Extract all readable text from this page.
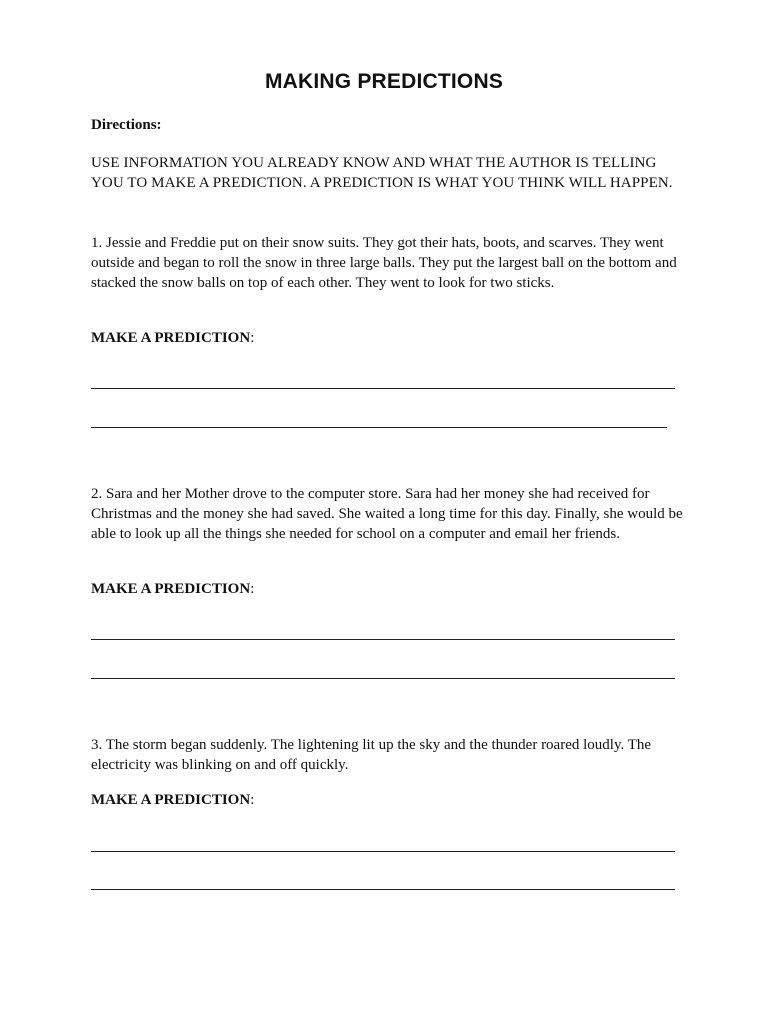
MAKING PREDICTIONS
Directions:
USE INFORMATION YOU ALREADY KNOW AND WHAT THE AUTHOR IS TELLING YOU TO MAKE A PREDICTION. A PREDICTION IS WHAT YOU THINK WILL HAPPEN.
1. Jessie and Freddie put on their snow suits. They got their hats, boots, and scarves. They went outside and began to roll the snow in three large balls. They put the largest ball on the bottom and stacked the snow balls on top of each other. They went to look for two sticks.
MAKE A PREDICTION:
2. Sara and her Mother drove to the computer store. Sara had her money she had received for Christmas and the money she had saved. She waited a long time for this day. Finally, she would be able to look up all the things she needed for school on a computer and email her friends.
MAKE A PREDICTION:
3. The storm began suddenly. The lightening lit up the sky and the thunder roared loudly. The electricity was blinking on and off quickly.
MAKE A PREDICTION:
